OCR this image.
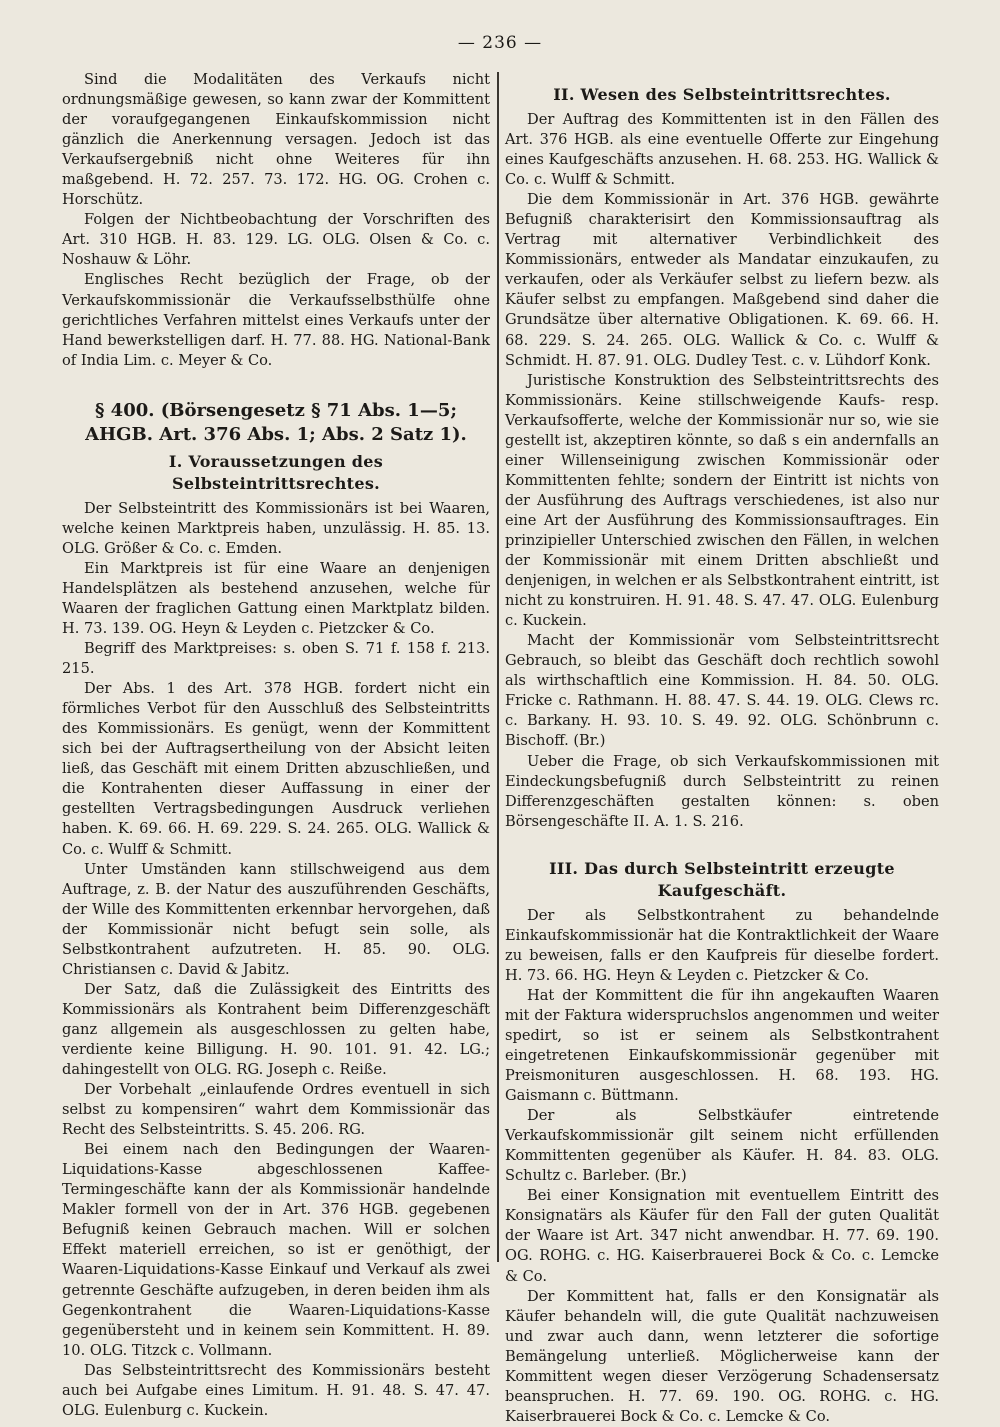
— 236 —

Sind die Modalitäten des Verkaufs nicht ordnungsmäßige gewesen, so kann zwar der Kommittent der voraufgegangenen Einkaufskommission nicht gänzlich die Anerkennung versagen. Jedoch ist das Verkaufsergebniß nicht ohne Weiteres für ihn maßgebend. H. 72. 257. 73. 172. HG. OG. Crohen c. Horschütz.

Folgen der Nichtbeobachtung der Vorschriften des Art. 310 HGB. H. 83. 129. LG. OLG. Olsen & Co. c. Noshauw & Löhr.

Englisches Recht bezüglich der Frage, ob der Verkaufskommissionär die Verkaufsselbsthülfe ohne gerichtliches Verfahren mittelst eines Verkaufs unter der Hand bewerkstelligen darf. H. 77. 88. HG. National-Bank of India Lim. c. Meyer & Co.

§ 400. (Börsengesetz § 71 Abs. 1—5; AHGB. Art. 376 Abs. 1; Abs. 2 Satz 1).
I. Voraussetzungen des Selbsteintrittsrechtes.

Der Selbsteintritt des Kommissionärs ist bei Waaren, welche keinen Marktpreis haben, unzulässig. H. 85. 13. OLG. Größer & Co. c. Emden.

Ein Marktpreis ist für eine Waare an denjenigen Handelsplätzen als bestehend anzusehen, welche für Waaren der fraglichen Gattung einen Marktplatz bilden. H. 73. 139. OG. Heyn & Leyden c. Pietzcker & Co.

Begriff des Marktpreises: s. oben S. 71 f. 158 f. 213. 215.

Der Abs. 1 des Art. 378 HGB. fordert nicht ein förmliches Verbot für den Ausschluß des Selbsteintritts des Kommissionärs. Es genügt, wenn der Kommittent sich bei der Auftragsertheilung von der Absicht leiten ließ, das Geschäft mit einem Dritten abzuschließen, und die Kontrahenten dieser Auffassung in einer der gestellten Vertragsbedingungen Ausdruck verliehen haben. K. 69. 66. H. 69. 229. S. 24. 265. OLG. Wallick & Co. c. Wulff & Schmitt.

Unter Umständen kann stillschweigend aus dem Auftrage, z. B. der Natur des auszuführenden Geschäfts, der Wille des Kommittenten erkennbar hervorgehen, daß der Kommissionär nicht befugt sein solle, als Selbstkontrahent aufzutreten. H. 85. 90. OLG. Christiansen c. David & Jabitz.

Der Satz, daß die Zulässigkeit des Eintritts des Kommissionärs als Kontrahent beim Differenzgeschäft ganz allgemein als ausgeschlossen zu gelten habe, verdiente keine Billigung. H. 90. 101. 91. 42. LG.; dahingestellt von OLG. RG. Joseph c. Reiße.

Der Vorbehalt „einlaufende Ordres eventuell in sich selbst zu kompensiren“ wahrt dem Kommissionär das Recht des Selbsteintritts. S. 45. 206. RG.

Bei einem nach den Bedingungen der Waaren-Liquidations-Kasse abgeschlossenen Kaffee-Termingeschäfte kann der als Kommissionär handelnde Makler formell von der in Art. 376 HGB. gegebenen Befugniß keinen Gebrauch machen. Will er solchen Effekt materiell erreichen, so ist er genöthigt, der Waaren-Liquidations-Kasse Einkauf und Verkauf als zwei getrennte Geschäfte aufzugeben, in deren beiden ihm als Gegenkontrahent die Waaren-Liquidations-Kasse gegenübersteht und in keinem sein Kommittent. H. 89. 10. OLG. Titzck c. Vollmann.

Das Selbsteintrittsrecht des Kommissionärs besteht auch bei Aufgabe eines Limitum. H. 91. 48. S. 47. 47. OLG. Eulenburg c. Kuckein.

II. Wesen des Selbsteintrittsrechtes.

Der Auftrag des Kommittenten ist in den Fällen des Art. 376 HGB. als eine eventuelle Offerte zur Eingehung eines Kaufgeschäfts anzusehen. H. 68. 253. HG. Wallick & Co. c. Wulff & Schmitt.

Die dem Kommissionär in Art. 376 HGB. gewährte Befugniß charakterisirt den Kommissionsauftrag als Vertrag mit alternativer Verbindlichkeit des Kommissionärs, entweder als Mandatar einzukaufen, zu verkaufen, oder als Verkäufer selbst zu liefern bezw. als Käufer selbst zu empfangen. Maßgebend sind daher die Grundsätze über alternative Obligationen. K. 69. 66. H. 68. 229. S. 24. 265. OLG. Wallick & Co. c. Wulff & Schmidt. H. 87. 91. OLG. Dudley Test. c. v. Lühdorf Konk.

Juristische Konstruktion des Selbsteintrittsrechts des Kommissionärs. Keine stillschweigende Kaufs- resp. Verkaufsofferte, welche der Kommissionär nur so, wie sie gestellt ist, akzeptiren könnte, so daß s ein andernfalls an einer Willenseinigung zwischen Kommissionär oder Kommittenten fehlte; sondern der Eintritt ist nichts von der Ausführung des Auftrags verschiedenes, ist also nur eine Art der Ausführung des Kommissionsauftrages. Ein prinzipieller Unterschied zwischen den Fällen, in welchen der Kommissionär mit einem Dritten abschließt und denjenigen, in welchen er als Selbstkontrahent eintritt, ist nicht zu konstruiren. H. 91. 48. S. 47. 47. OLG. Eulenburg c. Kuckein.

Macht der Kommissionär vom Selbsteintrittsrecht Gebrauch, so bleibt das Geschäft doch rechtlich sowohl als wirthschaftlich eine Kommission. H. 84. 50. OLG. Fricke c. Rathmann. H. 88. 47. S. 44. 19. OLG. Clews rc. c. Barkany. H. 93. 10. S. 49. 92. OLG. Schönbrunn c. Bischoff. (Br.)

Ueber die Frage, ob sich Verkaufskommissionen mit Eindeckungsbefugniß durch Selbsteintritt zu reinen Differenzgeschäften gestalten können: s. oben Börsengeschäfte II. A. 1. S. 216.

III. Das durch Selbsteintritt erzeugte Kaufgeschäft.

Der als Selbstkontrahent zu behandelnde Einkaufskommissionär hat die Kontraktlichkeit der Waare zu beweisen, falls er den Kaufpreis für dieselbe fordert. H. 73. 66. HG. Heyn & Leyden c. Pietzcker & Co.

Hat der Kommittent die für ihn angekauften Waaren mit der Faktura widerspruchslos angenommen und weiter spedirt, so ist er seinem als Selbstkontrahent eingetretenen Einkaufskommissionär gegenüber mit Preismonituren ausgeschlossen. H. 68. 193. HG. Gaismann c. Büttmann.

Der als Selbstkäufer eintretende Verkaufskommissionär gilt seinem nicht erfüllenden Kommittenten gegenüber als Käufer. H. 84. 83. OLG. Schultz c. Barleber. (Br.)

Bei einer Konsignation mit eventuellem Eintritt des Konsignatärs als Käufer für den Fall der guten Qualität der Waare ist Art. 347 nicht anwendbar. H. 77. 69. 190. OG. ROHG. c. HG. Kaiserbrauerei Bock & Co. c. Lemcke & Co.

Der Kommittent hat, falls er den Konsignatär als Käufer behandeln will, die gute Qualität nachzuweisen und zwar auch dann, wenn letzterer die sofortige Bemängelung unterließ. Möglicherweise kann der Kommittent wegen dieser Verzögerung Schadensersatz beanspruchen. H. 77. 69. 190. OG. ROHG. c. HG. Kaiserbrauerei Bock & Co. c. Lemcke & Co.
